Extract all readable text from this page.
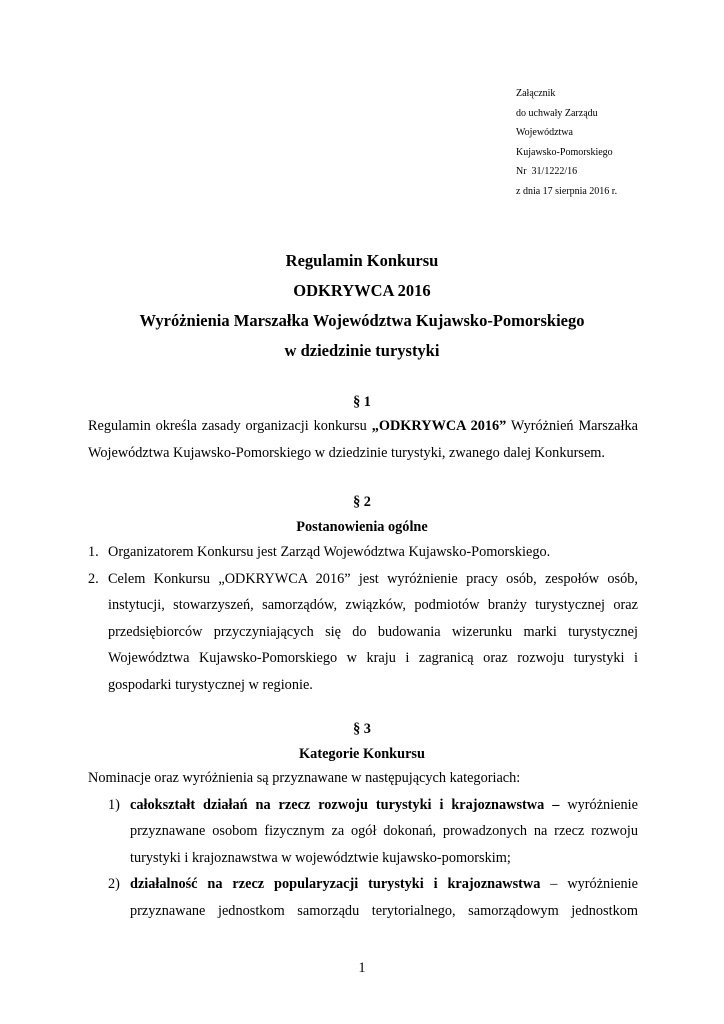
Załącznik
do uchwały Zarządu
Województwa
Kujawsko-Pomorskiego
Nr  31/1222/16
z dnia 17 sierpnia 2016 r.
Regulamin Konkursu
ODKRYWCA 2016
Wyróżnienia Marszałka Województwa Kujawsko-Pomorskiego
w dziedzinie turystyki
§ 1
Regulamin określa zasady organizacji konkursu „ODKRYWCA 2016” Wyróżnień Marszałka Województwa Kujawsko-Pomorskiego w dziedzinie turystyki, zwanego dalej Konkursem.
§ 2
Postanowienia ogólne
1. Organizatorem Konkursu jest Zarząd Województwa Kujawsko-Pomorskiego.
2. Celem Konkursu „ODKRYWCA 2016” jest wyróżnienie pracy osób, zespołów osób, instytucji, stowarzyszeń, samorządów, związków, podmiotów branży turystycznej oraz przedsiębiorców przyczyniających się do budowania wizerunku marki turystycznej Województwa Kujawsko-Pomorskiego w kraju i zagranicą oraz rozwoju turystyki i gospodarki turystycznej w regionie.
§ 3
Kategorie Konkursu
Nominacje oraz wyróżnienia są przyznawane w następujących kategoriach:
1) całokształt działań na rzecz rozwoju turystyki i krajoznawstwa – wyróżnienie przyznawane osobom fizycznym za ogół dokonań, prowadzonych na rzecz rozwoju turystyki i krajoznawstwa w województwie kujawsko-pomorskim;
2) działalność na rzecz popularyzacji turystyki i krajoznawstwa – wyróżnienie przyznawane jednostkom samorządu terytorialnego, samorządowym jednostkom
1
